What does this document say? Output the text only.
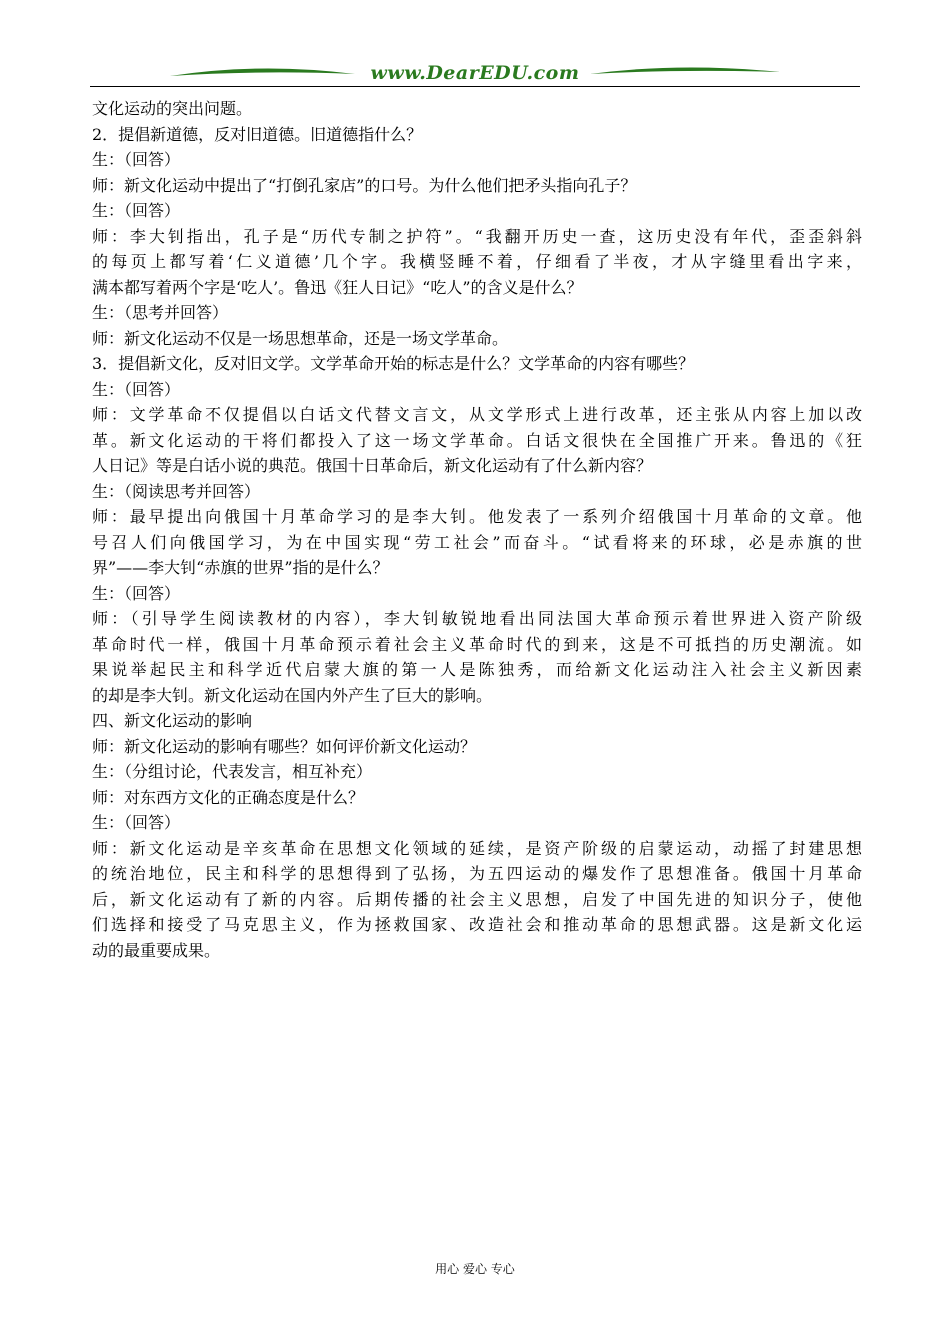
www.DearEDU.com
文化运动的突出问题。
2．提倡新道德，反对旧道德。旧道德指什么？
生：（回答）
师：新文化运动中提出了“打倒孔家店”的口号。为什么他们把矛头指向孔子？
生：（回答）
师：李大钊指出，孔子是“历代专制之护符”。“我翻开历史一查，这历史没有年代，歪歪斜斜
的每页上都写着‘仁义道德’几个字。我横竖睡不着，仔细看了半夜，才从字缝里看出字来，
满本都写着两个字是‘吃人’。鲁迅《狂人日记》“吃人”的含义是什么？
生：（思考并回答）
师：新文化运动不仅是一场思想革命，还是一场文学革命。
3．提倡新文化，反对旧文学。文学革命开始的标志是什么？文学革命的内容有哪些？
生：（回答）
师：文学革命不仅提倡以白话文代替文言文，从文学形式上进行改革，还主张从内容上加以改
革。新文化运动的干将们都投入了这一场文学革命。白话文很快在全国推广开来。鲁迅的《狂
人日记》等是白话小说的典范。俄国十日革命后，新文化运动有了什么新内容？
生：（阅读思考并回答）
师：最早提出向俄国十月革命学习的是李大钊。他发表了一系列介绍俄国十月革命的文章。他
号召人们向俄国学习，为在中国实现“劳工社会”而奋斗。“试看将来的环球，必是赤旗的世
界”——李大钊“赤旗的世界”指的是什么？
生：（回答）
师：（引导学生阅读教材的内容），李大钊敏锐地看出同法国大革命预示着世界进入资产阶级
革命时代一样，俄国十月革命预示着社会主义革命时代的到来，这是不可抵挡的历史潮流。如
果说举起民主和科学近代启蒙大旗的第一人是陈独秀，而给新文化运动注入社会主义新因素
的却是李大钊。新文化运动在国内外产生了巨大的影响。
四、新文化运动的影响
师：新文化运动的影响有哪些？如何评价新文化运动？
生：（分组讨论，代表发言，相互补充）
师：对东西方文化的正确态度是什么？
生：（回答）
师：新文化运动是辛亥革命在思想文化领域的延续，是资产阶级的启蒙运动，动摇了封建思想
的统治地位，民主和科学的思想得到了弘扬，为五四运动的爆发作了思想准备。俄国十月革命
后，新文化运动有了新的内容。后期传播的社会主义思想，启发了中国先进的知识分子，使他
们选择和接受了马克思主义，作为拯救国家、改造社会和推动革命的思想武器。这是新文化运
动的最重要成果。
用心 爱心 专心
